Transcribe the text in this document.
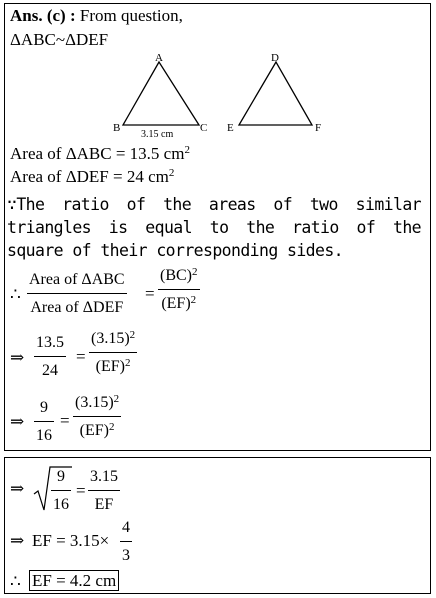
Ans. (c) : From question,
ΔABC~ΔDEF
A
B	C
D
E	F
3.15 cm
Area of ΔABC = 13.5 $cm^2$
Area of ΔDEF = 24 $cm^2$
∵The ratio of the areas of two similar triangles is equal to the ratio of the square of their corresponding sides.
∴
Area of ΔABC
Area of ΔDEF
=
(BC)$^2$
(EF)$^2$
⇒
13.5
24
=
$(3.15)^2$
(EF)$^2$
⇒
9
16
=
$(3.15)^2$
(EF)$^2$
⇒
9
16
=
3.15
EF
⇒ EF = 3.15×
4
3
∴ EF = 4.2 cm
